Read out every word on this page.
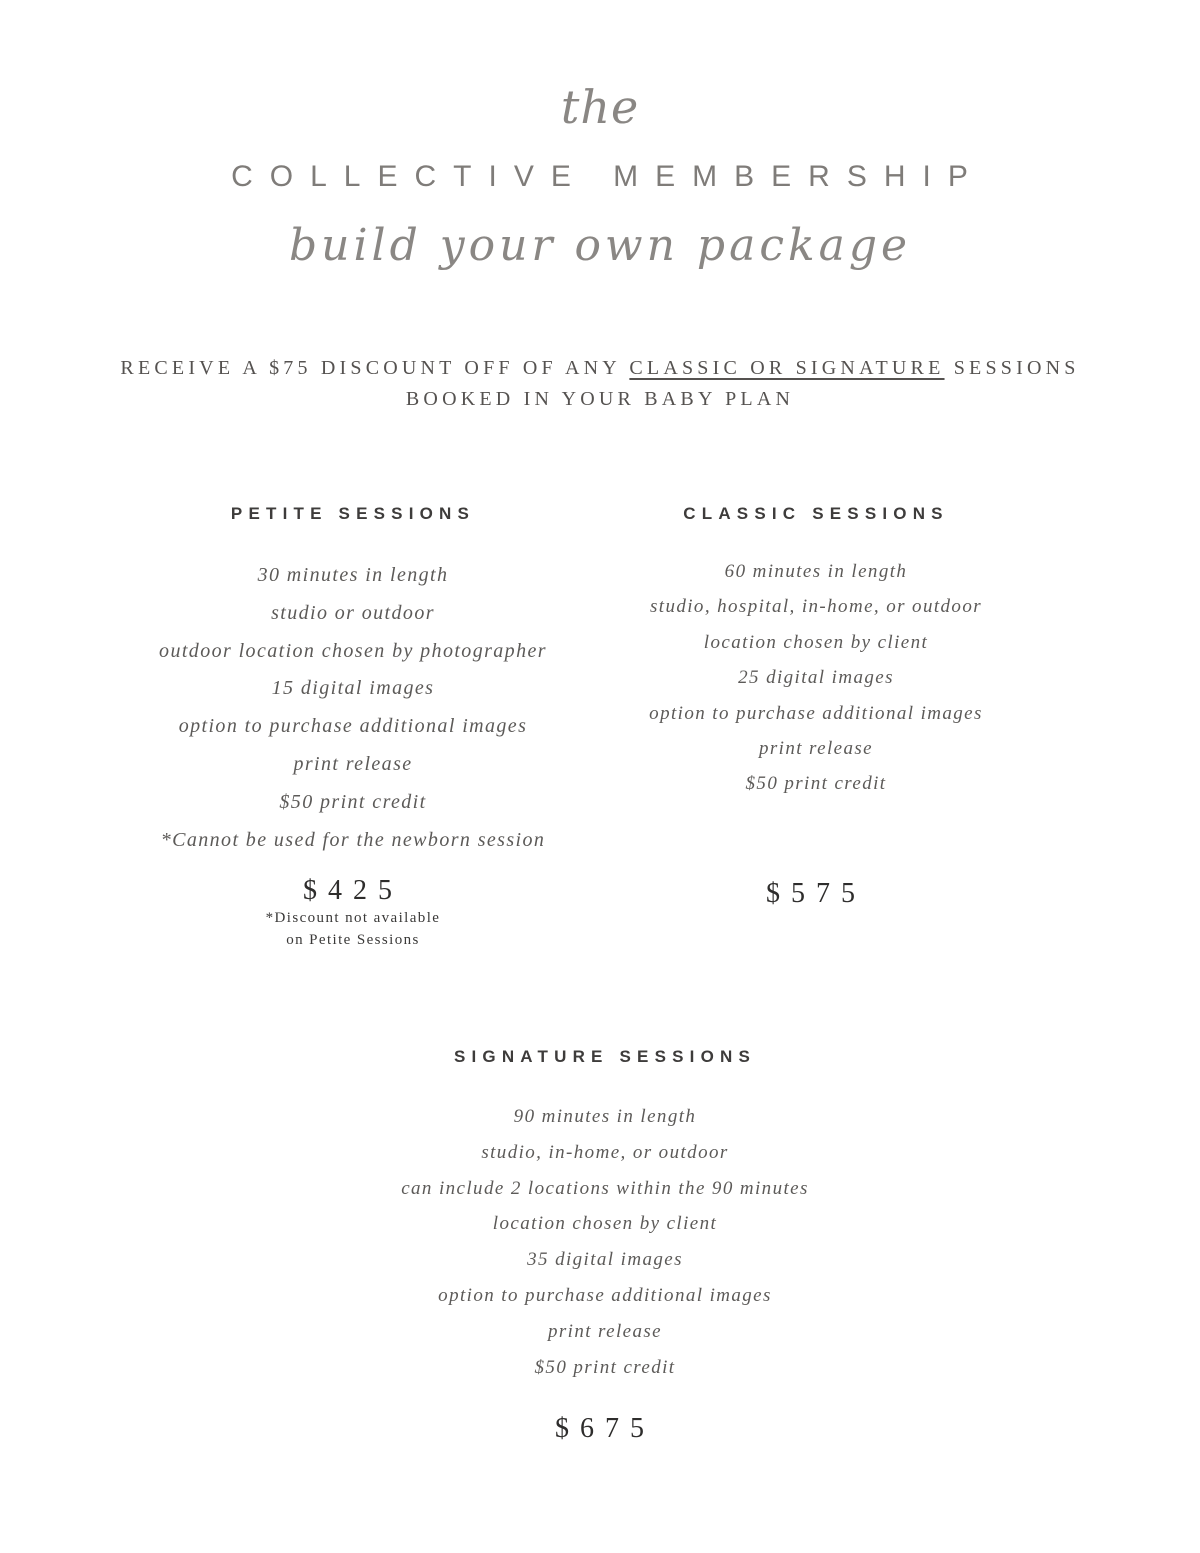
the
COLLECTIVE MEMBERSHIP
build your own package
RECEIVE A $75 DISCOUNT OFF OF ANY CLASSIC OR SIGNATURE SESSIONS
BOOKED IN YOUR BABY PLAN
PETITE SESSIONS
30 minutes in length
studio or outdoor
outdoor location chosen by photographer
15 digital images
option to purchase additional images
print release
$50 print credit
*Cannot be used for the newborn session
$425
*Discount not available
on Petite Sessions
CLASSIC SESSIONS
60 minutes in length
studio, hospital, in-home, or outdoor
location chosen by client
25 digital images
option to purchase additional images
print release
$50 print credit
$575
SIGNATURE SESSIONS
90 minutes in length
studio, in-home, or outdoor
can include 2 locations within the 90 minutes
location chosen by client
35 digital images
option to purchase additional images
print release
$50 print credit
$675
